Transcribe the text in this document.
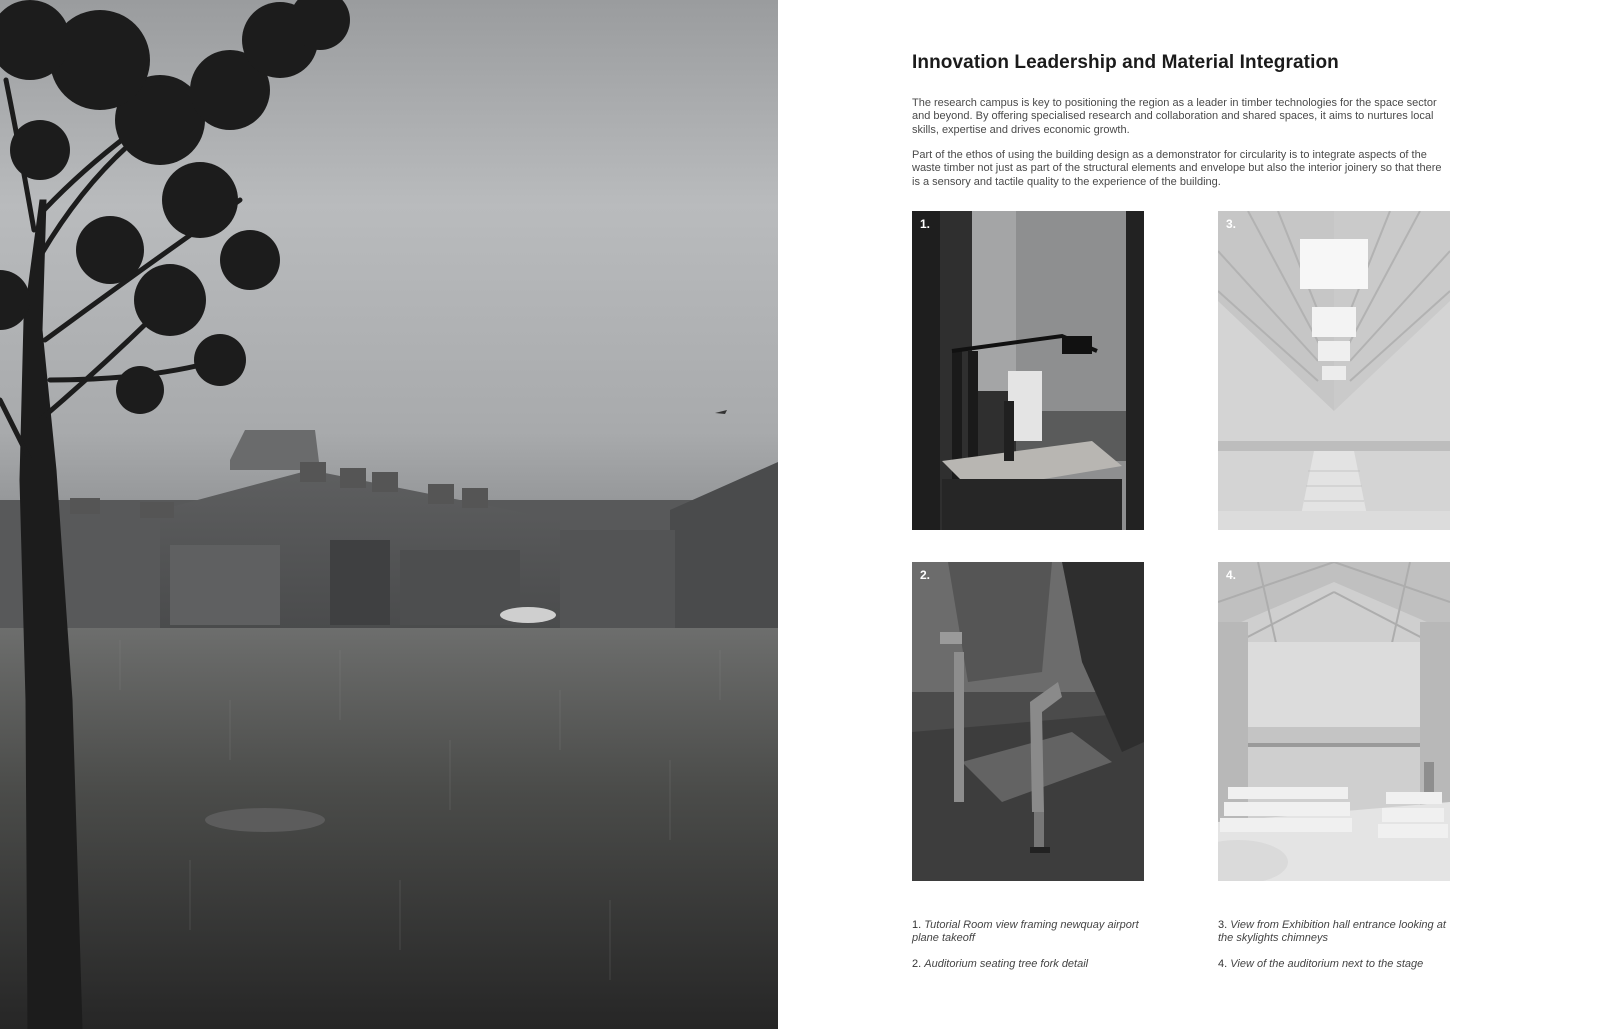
Innovation Leadership and Material Integration

The research campus is key to positioning the region as a leader in timber technologies for the space sector and beyond. By offering specialised research and collaboration and shared spaces, it aims to nurtures local skills, expertise and drives economic growth.

Part of the ethos of using the building design as a demonstrator for circularity is to integrate aspects of the waste timber not just as part of the structural elements and envelope but also the interior joinery so that there is a sensory and tactile quality to the experience of the building.

1.	3.
2.	4.

1. Tutorial Room view framing newquay airport plane takeoff

2. Auditorium seating tree fork detail

3. View from Exhibition hall entrance looking at the skylights chimneys

4. View of the auditorium next to the stage
